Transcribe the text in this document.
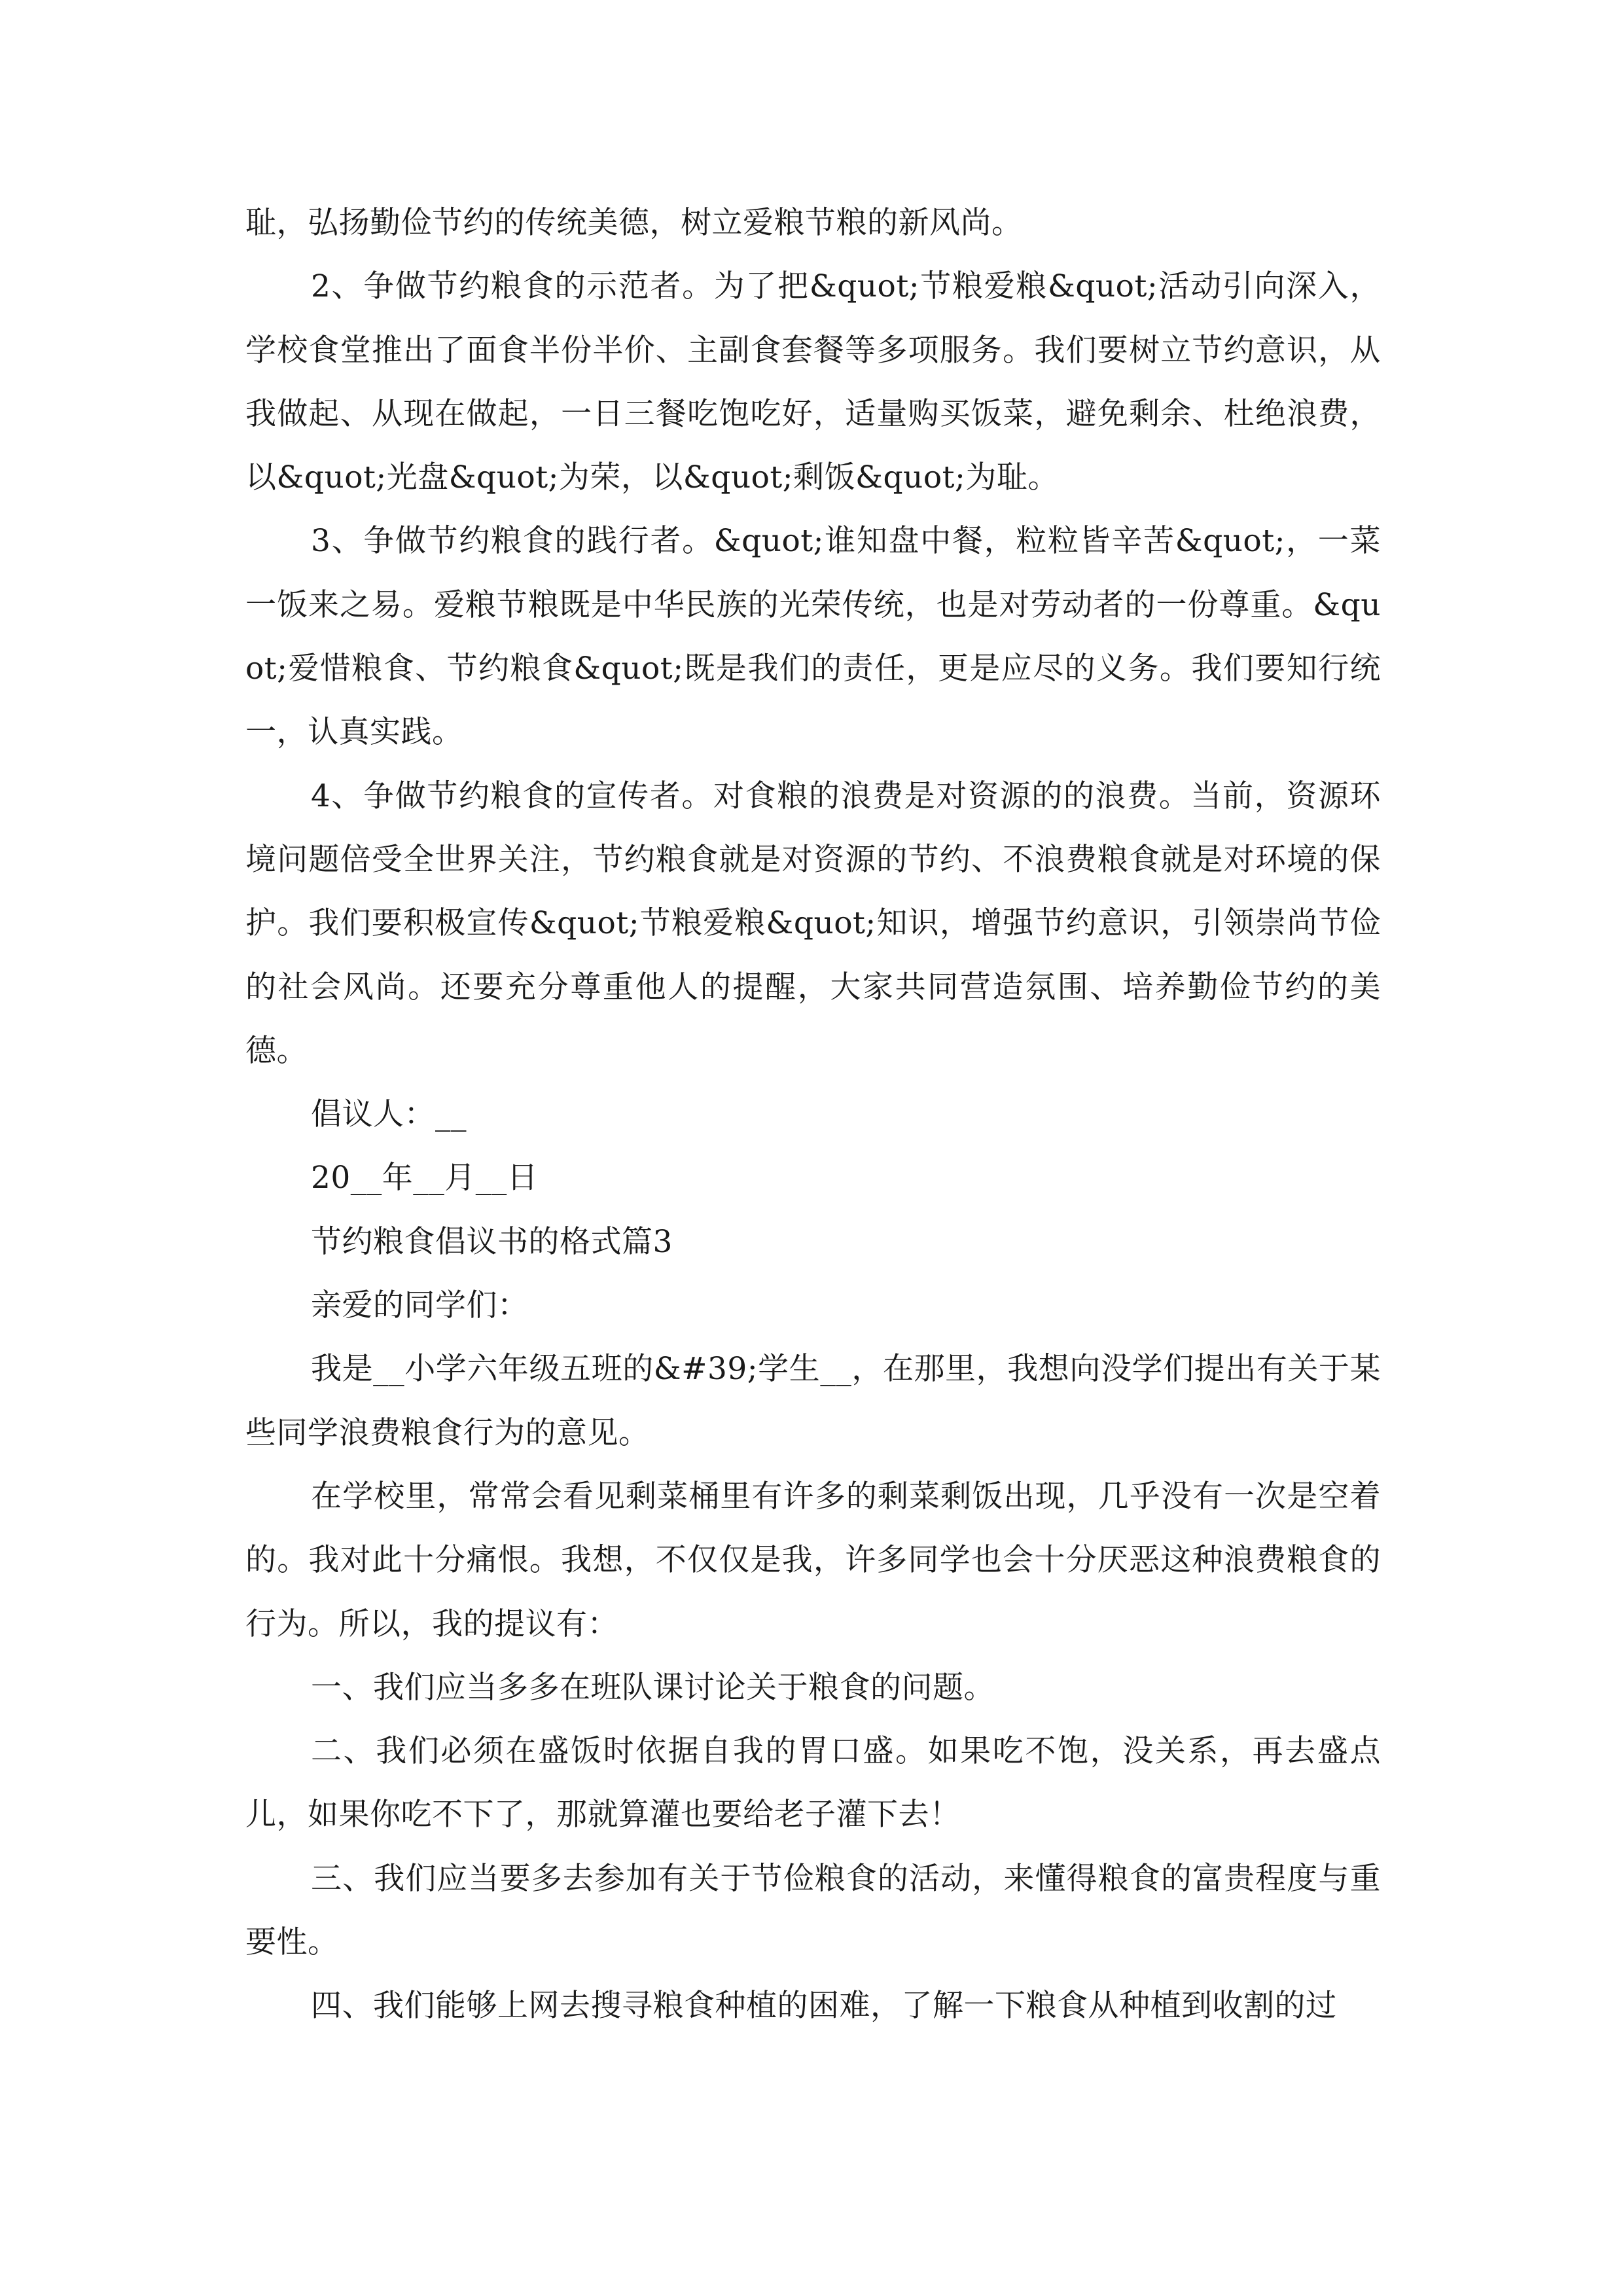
耻，弘扬勤俭节约的传统美德，树立爱粮节粮的新风尚。

2、争做节约粮食的示范者。为了把&quot;节粮爱粮&quot;活动引向深入，学校食堂推出了面食半份半价、主副食套餐等多项服务。我们要树立节约意识，从我做起、从现在做起，一日三餐吃饱吃好，适量购买饭菜，避免剩余、杜绝浪费，以&quot;光盘&quot;为荣，以&quot;剩饭&quot;为耻。

3、争做节约粮食的践行者。&quot;谁知盘中餐，粒粒皆辛苦&quot;，一菜一饭来之易。爱粮节粮既是中华民族的光荣传统，也是对劳动者的一份尊重。&quot;爱惜粮食、节约粮食&quot;既是我们的责任，更是应尽的义务。我们要知行统一，认真实践。

4、争做节约粮食的宣传者。对食粮的浪费是对资源的的浪费。当前，资源环境问题倍受全世界关注，节约粮食就是对资源的节约、不浪费粮食就是对环境的保护。我们要积极宣传&quot;节粮爱粮&quot;知识，增强节约意识，引领崇尚节俭的社会风尚。还要充分尊重他人的提醒，大家共同营造氛围、培养勤俭节约的美德。

倡议人：__

20__年__月__日

节约粮食倡议书的格式篇3

亲爱的同学们：

我是__小学六年级五班的&#39;学生__，在那里，我想向没学们提出有关于某些同学浪费粮食行为的意见。

在学校里，常常会看见剩菜桶里有许多的剩菜剩饭出现，几乎没有一次是空着的。我对此十分痛恨。我想，不仅仅是我，许多同学也会十分厌恶这种浪费粮食的行为。所以，我的提议有：

一、我们应当多多在班队课讨论关于粮食的问题。

二、我们必须在盛饭时依据自我的胃口盛。如果吃不饱，没关系，再去盛点儿，如果你吃不下了，那就算灌也要给老子灌下去！

三、我们应当要多去参加有关于节俭粮食的活动，来懂得粮食的富贵程度与重要性。

四、我们能够上网去搜寻粮食种植的困难，了解一下粮食从种植到收割的过
